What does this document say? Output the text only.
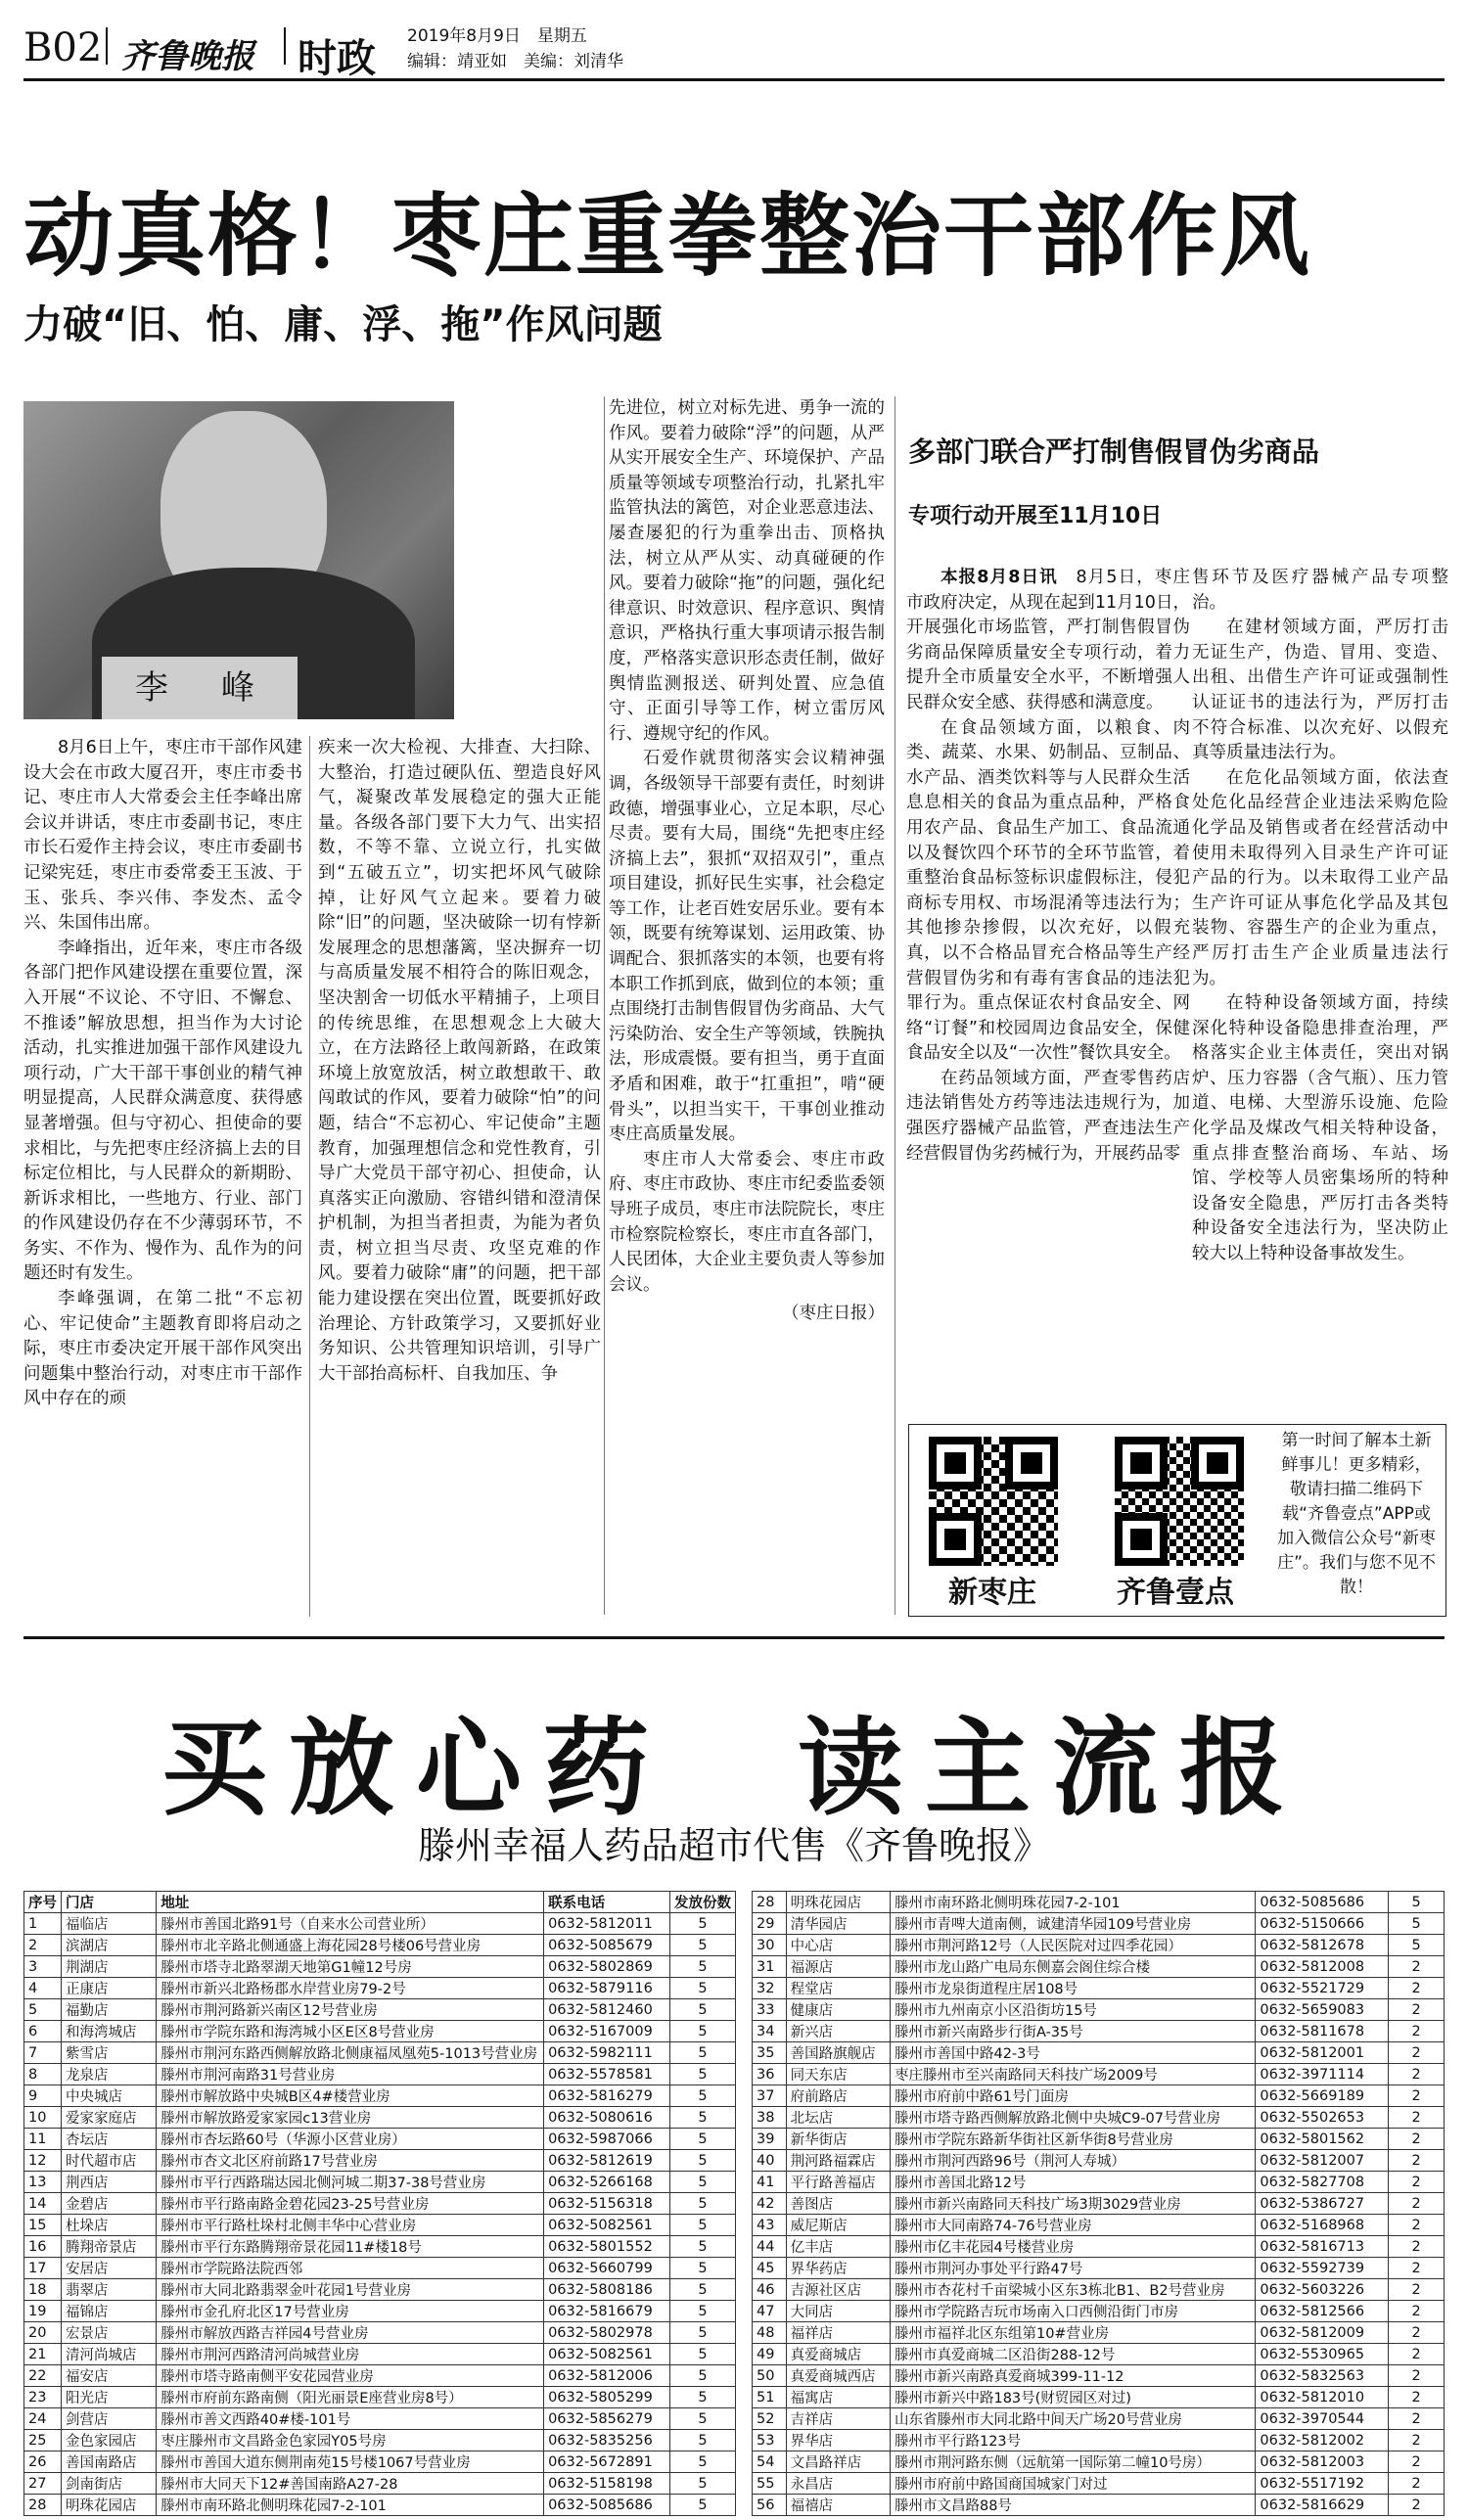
B02 齐鲁晚报 时政 2019年8月9日　星期五
编辑：靖亚如　美编：刘清华
动真格！枣庄重拳整治干部作风
力破“旧、怕、庸、浮、拖”作风问题
李　峰

8月6日上午，枣庄市干部作风建设大会在市政大厦召开，枣庄市委书记、枣庄市人大常委会主任李峰出席会议并讲话，枣庄市委副书记，枣庄市长石爱作主持会议，枣庄市委副书记梁宪廷，枣庄市委常委王玉波、于玉、张兵、李兴伟、李发杰、孟令兴、朱国伟出席。

李峰指出，近年来，枣庄市各级各部门把作风建设摆在重要位置，深入开展“不议论、不守旧、不懈怠、不推诿”解放思想，担当作为大讨论活动，扎实推进加强干部作风建设九项行动，广大干部干事创业的精气神明显提高，人民群众满意度、获得感显著增强。但与守初心、担使命的要求相比，与先把枣庄经济搞上去的目标定位相比，与人民群众的新期盼、新诉求相比，一些地方、行业、部门的作风建设仍存在不少薄弱环节，不务实、不作为、慢作为、乱作为的问题还时有发生。

李峰强调，在第二批“不忘初心、牢记使命”主题教育即将启动之际，枣庄市委决定开展干部作风突出问题集中整治行动，对枣庄市干部作风中存在的顽

疾来一次大检视、大排查、大扫除、大整治，打造过硬队伍、塑造良好风气，凝聚改革发展稳定的强大正能量。各级各部门要下大力气、出实招数，不等不靠、立说立行，扎实做到“五破五立”，切实把坏风气破除掉，让好风气立起来。要着力破除“旧”的问题，坚决破除一切有悖新发展理念的思想藩篱，坚决摒弃一切与高质量发展不相符合的陈旧观念，坚决割舍一切低水平精捕子，上项目的传统思维，在思想观念上大破大立，在方法路径上敢闯新路，在政策环境上放宽放活，树立敢想敢干、敢闯敢试的作风，要着力破除“怕”的问题，结合“不忘初心、牢记使命”主题教育，加强理想信念和党性教育，引导广大党员干部守初心、担使命，认真落实正向激励、容错纠错和澄清保护机制，为担当者担责，为能为者负责，树立担当尽责、攻坚克难的作风。要着力破除“庸”的问题，把干部能力建设摆在突出位置，既要抓好政治理论、方针政策学习，又要抓好业务知识、公共管理知识培训，引导广大干部抬高标杆、自我加压、争

先进位，树立对标先进、勇争一流的作风。要着力破除“浮”的问题，从严从实开展安全生产、环境保护、产品质量等领域专项整治行动，扎紧扎牢监管执法的篱笆，对企业恶意违法、屡查屡犯的行为重拳出击、顶格执法，树立从严从实、动真碰硬的作风。要着力破除“拖”的问题，强化纪律意识、时效意识、程序意识、舆情意识，严格执行重大事项请示报告制度，严格落实意识形态责任制，做好舆情监测报送、研判处置、应急值守、正面引导等工作，树立雷厉风行、遵规守纪的作风。

石爱作就贯彻落实会议精神强调，各级领导干部要有责任，时刻讲政德，增强事业心，立足本职，尽心尽责。要有大局，围绕“先把枣庄经济搞上去”，狠抓“双招双引”，重点项目建设，抓好民生实事，社会稳定等工作，让老百姓安居乐业。要有本领，既要有统筹谋划、运用政策、协调配合、狠抓落实的本领，也要有将本职工作抓到底，做到位的本领；重点围绕打击制售假冒伪劣商品、大气污染防治、安全生产等领域，铁腕执法，形成震慑。要有担当，勇于直面矛盾和困难，敢于“扛重担”，啃“硬骨头”，以担当实干，干事创业推动枣庄高质量发展。

枣庄市人大常委会、枣庄市政府、枣庄市政协、枣庄市纪委监委领导班子成员，枣庄市法院院长，枣庄市检察院检察长，枣庄市直各部门，人民团体，大企业主要负责人等参加会议。

（枣庄日报）
多部门联合严打制售假冒伪劣商品
专项行动开展至11月10日

本报8月8日讯　 8月5日，枣庄市政府决定，从现在起到11月10日，开展强化市场监管，严打制售假冒伪劣商品保障质量安全专项行动，着力提升全市质量安全水平，不断增强人民群众安全感、获得感和满意度。

在食品领域方面，以粮食、肉类、蔬菜、水果、奶制品、豆制品、水产品、酒类饮料等与人民群众生活息息相关的食品为重点品种，严格食用农产品、食品生产加工、食品流通以及餐饮四个环节的全环节监管，着重整治食品标签标识虚假标注，侵犯商标专用权、市场混淆等违法行为；其他掺杂掺假，以次充好，以假充真，以不合格品冒充合格品等生产经营假冒伪劣和有毒有害食品的违法犯罪行为。重点保证农村食品安全、网络“订餐”和校园周边食品安全，保健食品安全以及“一次性”餐饮具安全。

在药品领域方面，严查零售药店违法销售处方药等违法违规行为，加强医疗器械产品监管，严查违法生产经营假冒伪劣药械行为，开展药品零

售环节及医疗器械产品专项整治。

在建材领域方面，严厉打击无证生产，伪造、冒用、变造、出租、出借生产许可证或强制性认证证书的违法行为，严厉打击不符合标准、以次充好、以假充真等质量违法行为。

在危化品领域方面，依法查处危化品经营企业违法采购危险化学品及销售或者在经营活动中使用未取得列入目录生产许可证产品的行为。以未取得工业产品生产许可证从事危化学品及其包装物、容器生产的企业为重点，严厉打击生产企业质量违法行为。

在特种设备领域方面，持续深化特种设备隐患排查治理，严格落实企业主体责任，突出对锅炉、压力容器（含气瓶）、压力管道、电梯、大型游乐设施、危险化学品及煤改气相关特种设备，重点排查整治商场、车站、场馆、学校等人员密集场所的特种设备安全隐患，严厉打击各类特种设备安全违法行为，坚决防止较大以上特种设备事故发生。

新枣庄	齐鲁壹点
第一时间了解本土新鲜事儿！更多精彩，敬请扫描二维码下载“齐鲁壹点”APP或加入微信公众号“新枣庄”。我们与您不见不散！
买放心药　读主流报
滕州幸福人药品超市代售《齐鲁晚报》
序号	门店	地址	联系电话	发放份数
1	福临店	滕州市善国北路91号（自来水公司营业所）	0632-5812011	5
2	滨湖店	滕州市北辛路北侧通盛上海花园28号楼06号营业房	0632-5085679	5
3	荆湖店	滕州市塔寺北路翠湖天地第G1幢12号房	0632-5802869	5
4	正康店	滕州市新兴北路杨郡水岸营业房79-2号	0632-5879116	5
5	福勤店	滕州市荆河路新兴南区12号营业房	0632-5812460	5
6	和海湾城店	滕州市学院东路和海湾城小区E区8号营业房	0632-5167009	5
7	紫雪店	滕州市荆河东路西侧解放路北侧康福凤凰苑5-1013号营业房	0632-5982111	5
8	龙泉店	滕州市荆河南路31号营业房	0632-5578581	5
9	中央城店	滕州市解放路中央城B区4#楼营业房	0632-5816279	5
10	爱家家庭店	滕州市解放路爱家家园c13营业房	0632-5080616	5
11	杏坛店	滕州市杏坛路60号（华源小区营业房）	0632-5987066	5
12	时代超市店	滕州市杏文北区府前路17号营业房	0632-5812619	5
13	荆西店	滕州市平行西路瑞达园北侧河城二期37-38号营业房	0632-5266168	5
14	金碧店	滕州市平行路南路金碧花园23-25号营业房	0632-5156318	5
15	杜垛店	滕州市平行路杜垛村北侧丰华中心营业房	0632-5082561	5
16	腾翔帝景店	滕州市平行东路腾翔帝景花园11#楼18号	0632-5801552	5
17	安居店	滕州市学院路法院西邻	0632-5660799	5
18	翡翠店	滕州市大同北路翡翠金叶花园1号营业房	0632-5808186	5
19	福锦店	滕州市金孔府北区17号营业房	0632-5816679	5
20	宏景店	滕州市解放西路吉祥园4号营业房	0632-5802978	5
21	清河尚城店	滕州市荆河西路清河尚城营业房	0632-5082561	5
22	福安店	滕州市塔寺路南侧平安花园营业房	0632-5812006	5
23	阳光店	滕州市府前东路南侧（阳光丽景E座营业房8号）	0632-5805299	5
24	剑营店	滕州市善文西路40#楼-101号	0632-5856279	5
25	金色家园店	枣庄滕州市文昌路金色家园Y05号房	0632-5835256	5
26	善国南路店	滕州市善国大道东侧荆南苑15号楼1067号营业房	0632-5672891	5
27	剑南街店	滕州市大同天下12#善国南路A27-28	0632-5158198	5
28	明珠花园店	滕州市南环路北侧明珠花园7-2-101	0632-5085686	5
28	明珠花园店	滕州市南环路北侧明珠花园7-2-101	0632-5085686	5
29	清华园店	滕州市青啤大道南侧，诚建清华园109号营业房	0632-5150666	5
30	中心店	滕州市荆河路12号（人民医院对过四季花园）	0632-5812678	5
31	福源店	滕州市龙山路广电局东侧嘉会阁住综合楼	0632-5812008	2
32	程堂店	滕州市龙泉街道程庄居108号	0632-5521729	2
33	健康店	滕州市九州南京小区沿街坊15号	0632-5659083	2
34	新兴店	滕州市新兴南路步行街A-35号	0632-5811678	2
35	善国路旗舰店	滕州市善国中路42-3号	0632-5812001	2
36	同天东店	枣庄滕州市至兴南路同天科技广场2009号	0632-3971114	2
37	府前路店	滕州市府前中路61号门面房	0632-5669189	2
38	北坛店	滕州市塔寺路西侧解放路北侧中央城C9-07号营业房	0632-5502653	2
39	新华街店	滕州市学院东路新华街社区新华街8号营业房	0632-5801562	2
40	荆河路福霖店	滕州市荆河西路96号（荆河人寿城）	0632-5812007	2
41	平行路善福店	滕州市善国北路12号	0632-5827708	2
42	善图店	滕州市新兴南路同天科技广场3期3029营业房	0632-5386727	2
43	威尼斯店	滕州市大同南路74-76号营业房	0632-5168968	2
44	亿丰店	滕州市亿丰花园4号楼营业房	0632-5816713	2
45	界华药店	滕州市荆河办事处平行路47号	0632-5592739	2
46	吉源社区店	滕州市杏花村千亩梁城小区东3栋北B1、B2号营业房	0632-5603226	2
47	大同店	滕州市学院路吉玩市场南入口西侧沿街门市房	0632-5812566	2
48	福祥店	滕州市福祥北区东组第10#营业房	0632-5812009	2
49	真爱商城店	滕州市真爱商城二区沿街288-12号	0632-5530965	2
50	真爱商城西店	滕州市新兴南路真爱商城399-11-12	0632-5832563	2
51	福寓店	滕州市新兴中路183号(财贸园区对过)	0632-5812010	2
52	吉祥店	山东省滕州市大同北路中间天广场20号营业房	0632-3970544	2
53	界华店	滕州市平行路123号	0632-5812002	2
54	文昌路祥店	滕州市荆河路东侧（远航第一国际第二幢10号房）	0632-5812003	2
55	永昌店	滕州市府前中路国商国城家门对过	0632-5517192	2
56	福禧店	滕州市文昌路88号	0632-5816629	2
